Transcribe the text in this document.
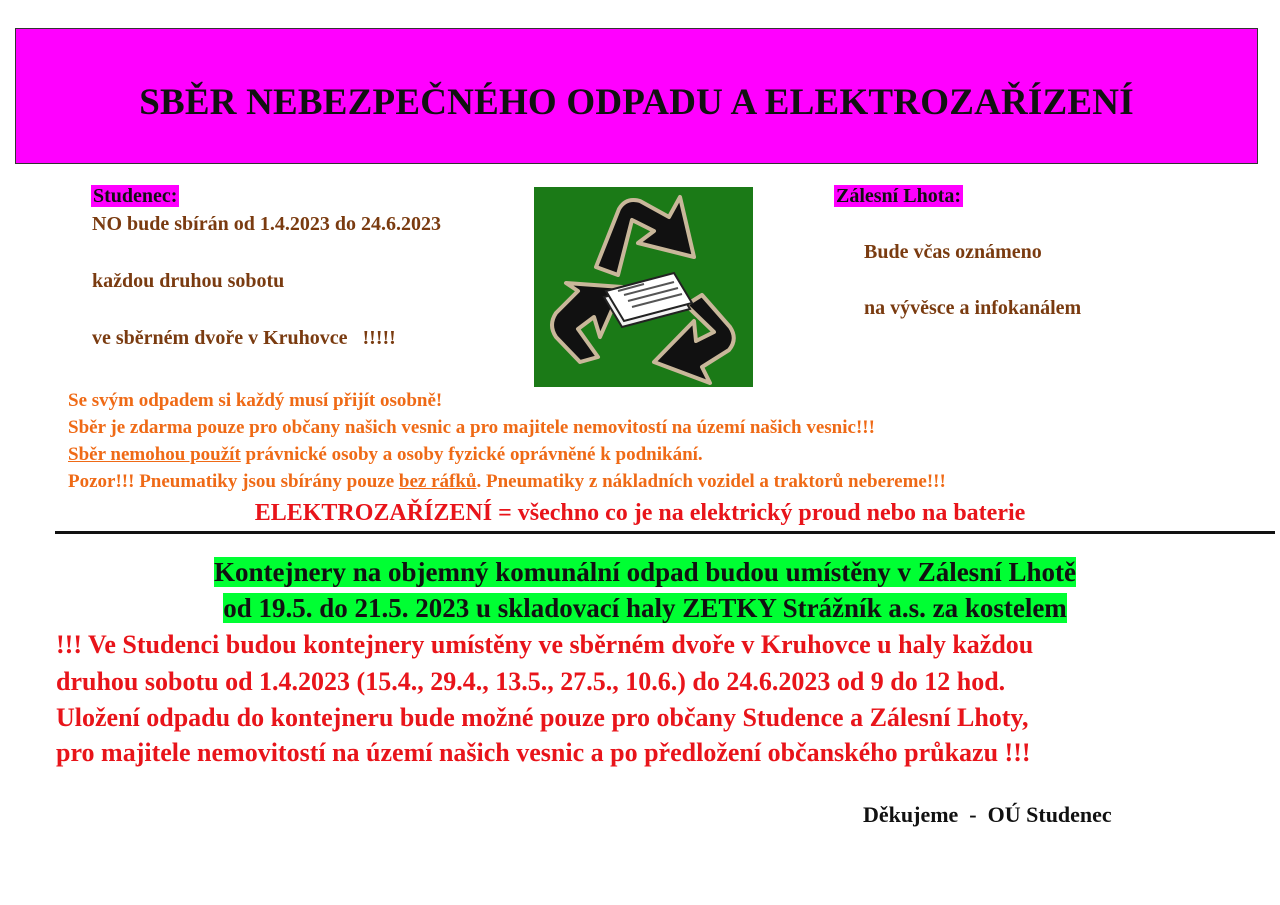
SBĚR NEBEZPEČNÉHO ODPADU A ELEKTROZAŘÍZENÍ
Studenec:
NO bude sbírán od 1.4.2023 do 24.6.2023
každou druhou sobotu
ve sběrném dvoře v Kruhovce   !!!!!
Zálesní Lhota:
Bude včas oznámeno
na vývěsce a infokanálem
Se svým odpadem si každý musí přijít osobně!
Sběr je zdarma pouze pro občany našich vesnic a pro majitele nemovitostí na území našich vesnic!!!
Sběr nemohou použít právnické osoby a osoby fyzické oprávněné k podnikání.
Pozor!!! Pneumatiky jsou sbírány pouze bez ráfků. Pneumatiky z nákladních vozidel a traktorů nebereme!!!
ELEKTROZAŘÍZENÍ = všechno co je na elektrický proud nebo na baterie
Kontejnery na objemný komunální odpad budou umístěny v Zálesní Lhotě
od 19.5. do 21.5. 2023 u skladovací haly ZETKY Strážník a.s. za kostelem
!!! Ve Studenci budou kontejnery umístěny ve sběrném dvoře v Kruhovce u haly každou
druhou sobotu od 1.4.2023 (15.4., 29.4., 13.5., 27.5., 10.6.) do 24.6.2023 od 9 do 12 hod.
Uložení odpadu do kontejneru bude možné pouze pro občany Studence a Zálesní Lhoty,
pro majitele nemovitostí na území našich vesnic a po předložení občanského průkazu !!!
Děkujeme  -  OÚ Studenec
